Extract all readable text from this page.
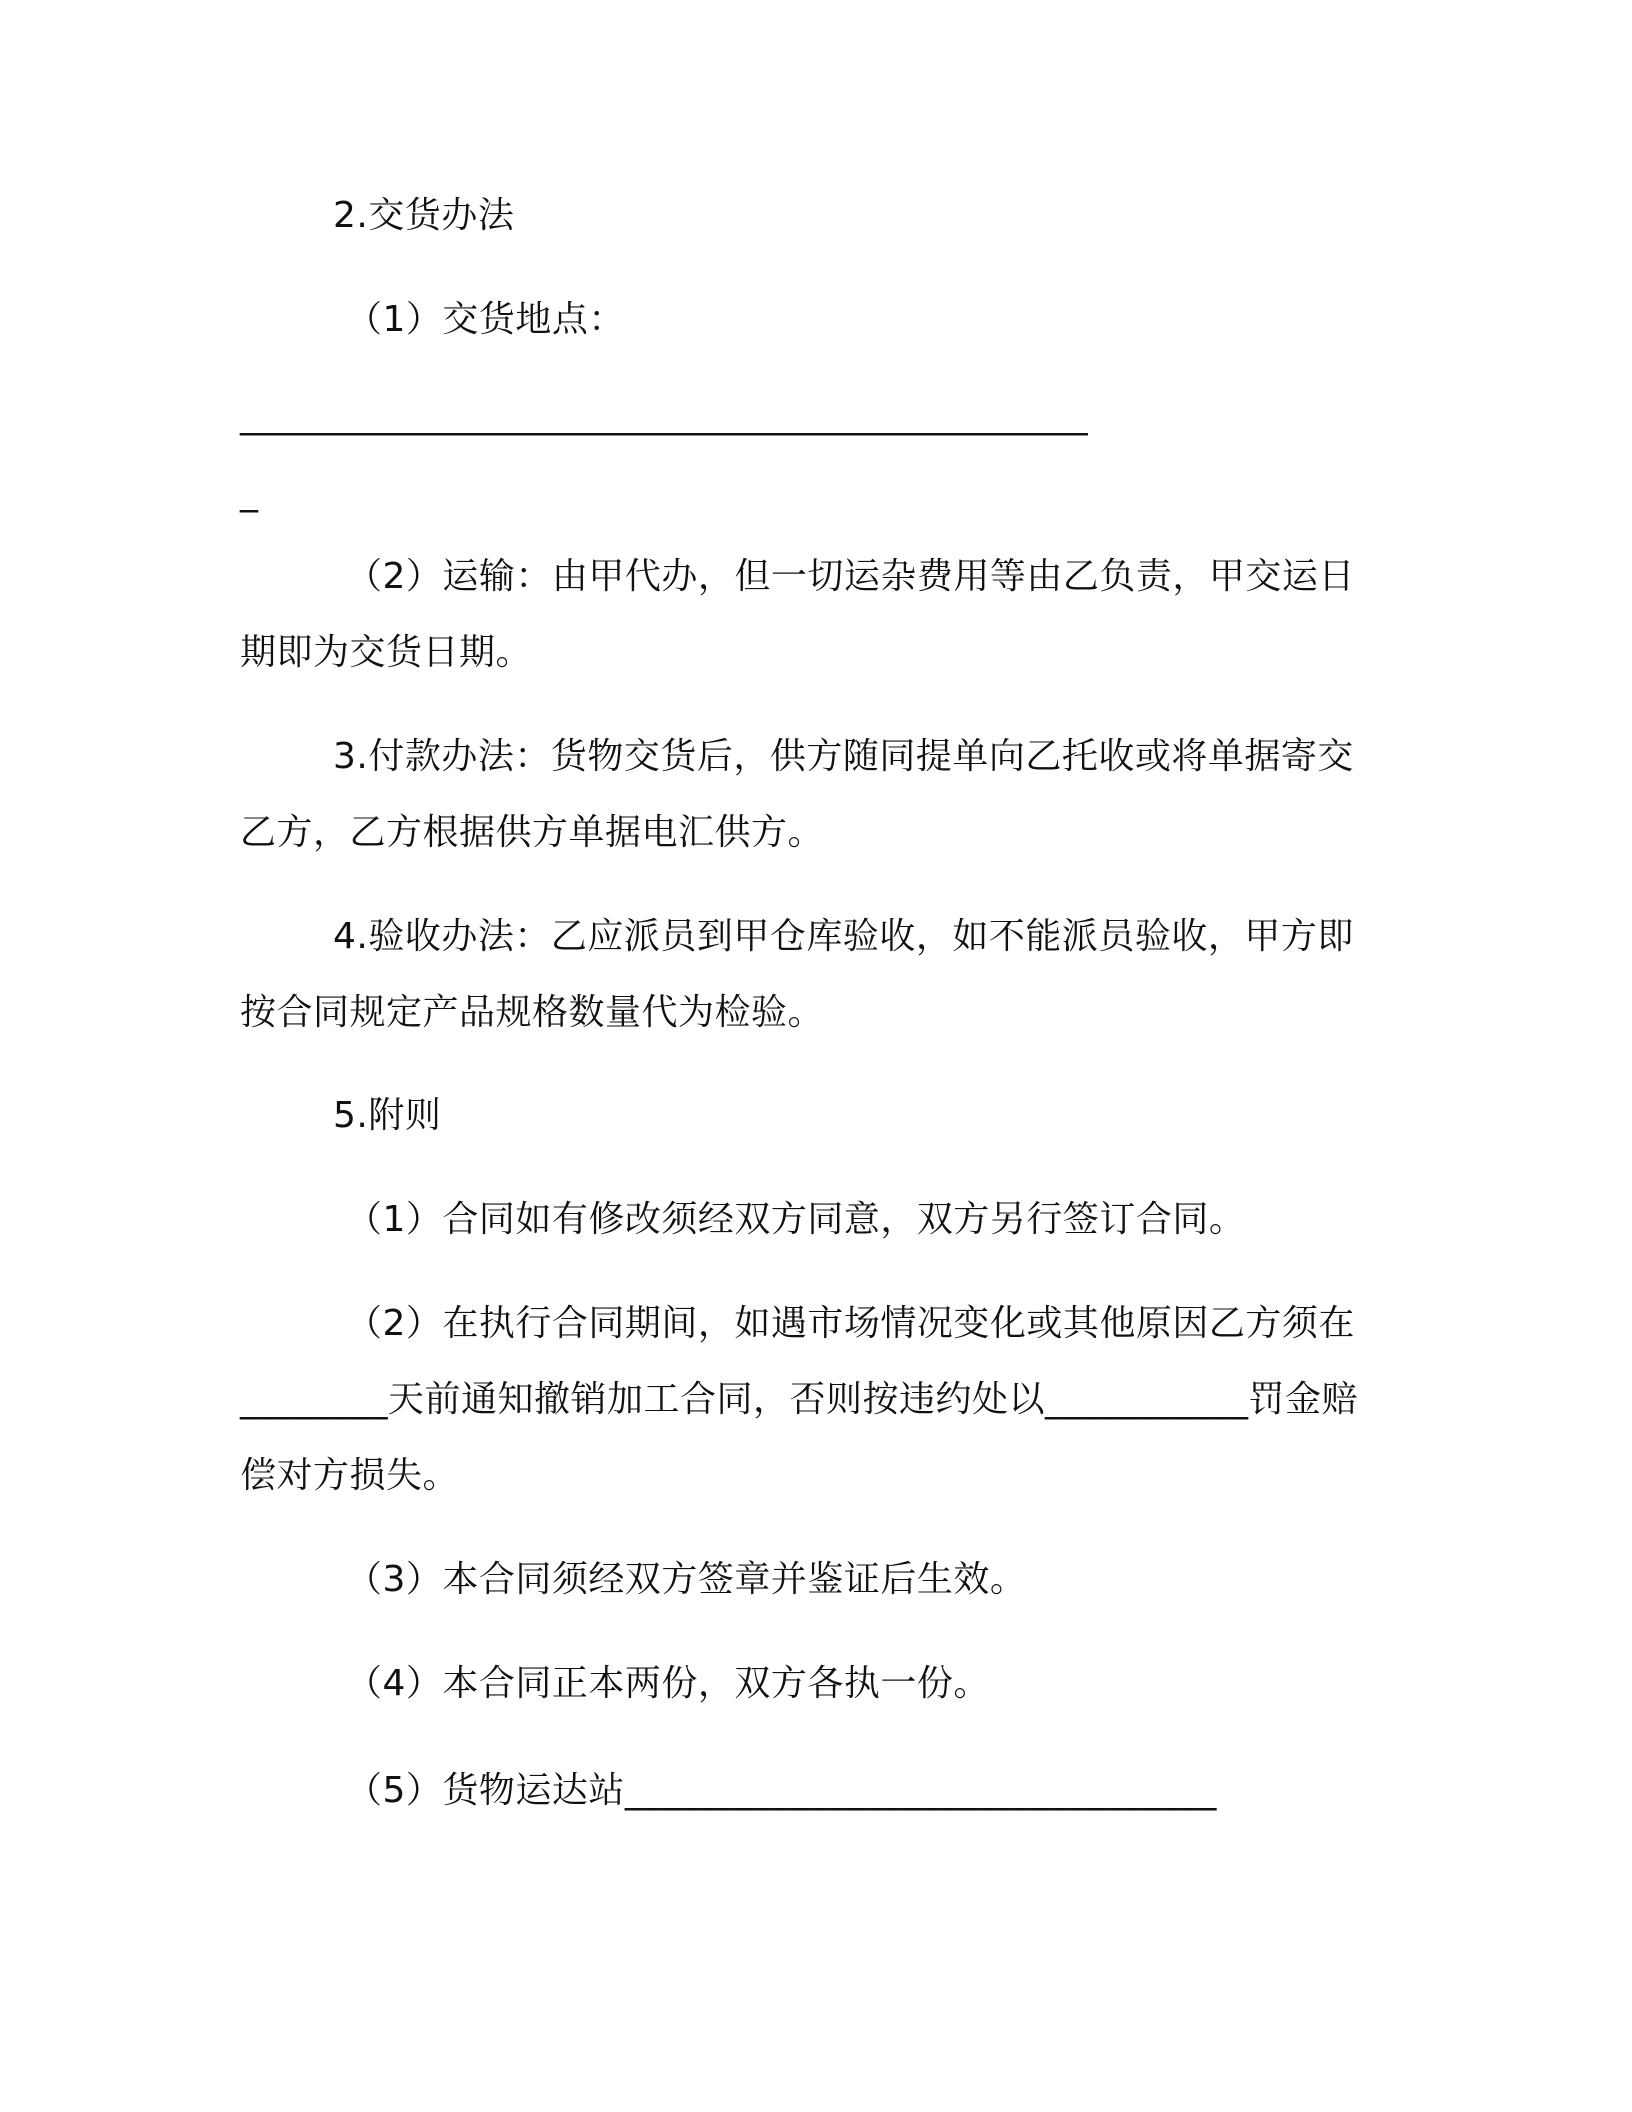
2.交货办法
（1）交货地点：
______________________________________________________________
_
（2）运输：由甲代办，但一切运杂费用等由乙负责，甲交运日
期即为交货日期。
3.付款办法：货物交货后，供方随同提单向乙托收或将单据寄交
乙方，乙方根据供方单据电汇供方。
4.验收办法：乙应派员到甲仓库验收，如不能派员验收，甲方即
按合同规定产品规格数量代为检验。
5.附则
（1）合同如有修改须经双方同意，双方另行签订合同。
（2）在执行合同期间，如遇市场情况变化或其他原因乙方须在
________天前通知撤销加工合同，否则按违约处以___________罚金赔
偿对方损失。
（3）本合同须经双方签章并鉴证后生效。
（4）本合同正本两份，双方各执一份。
（5）货物运达站________________________________
